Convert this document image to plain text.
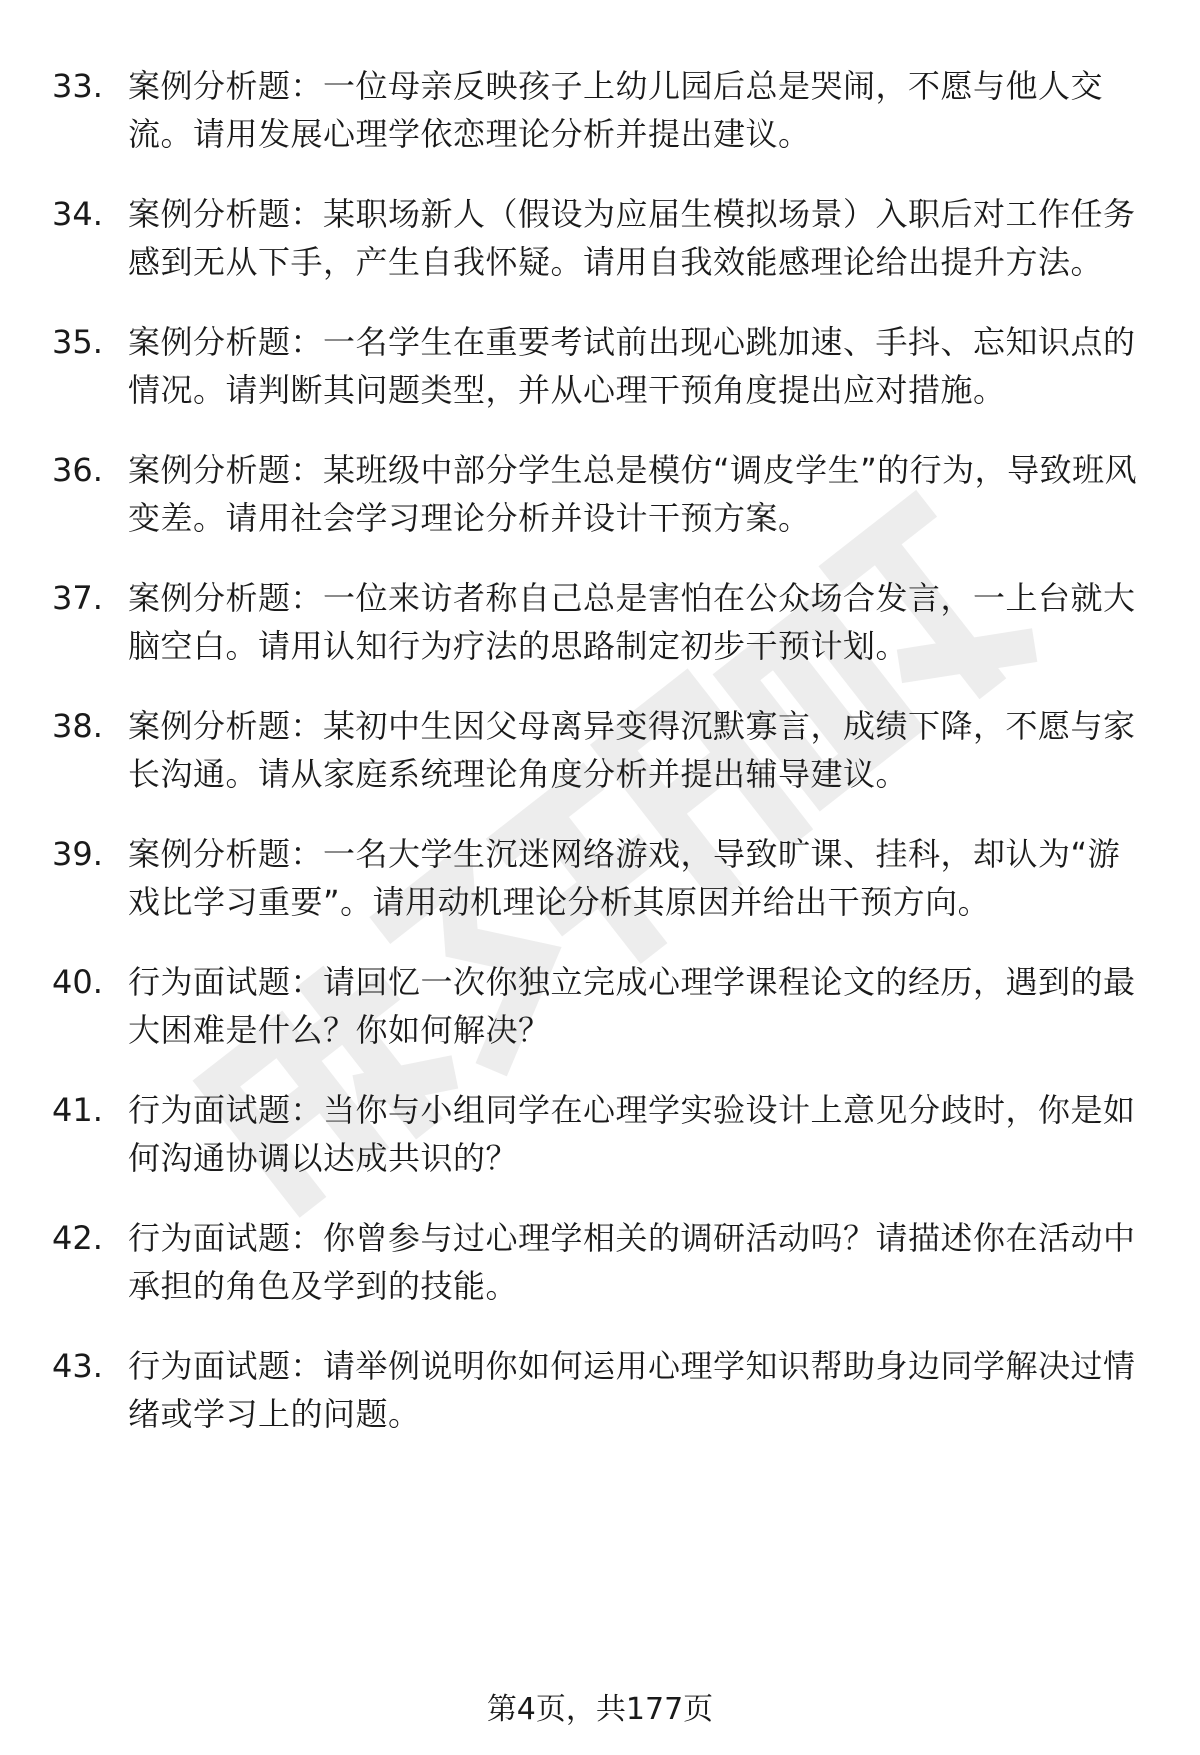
33. 案例分析题：一位母亲反映孩子上幼儿园后总是哭闹，不愿与他人交流。请用发展心理学依恋理论分析并提出建议。
34. 案例分析题：某职场新人（假设为应届生模拟场景）入职后对工作任务感到无从下手，产生自我怀疑。请用自我效能感理论给出提升方法。
35. 案例分析题：一名学生在重要考试前出现心跳加速、手抖、忘知识点的情况。请判断其问题类型，并从心理干预角度提出应对措施。
36. 案例分析题：某班级中部分学生总是模仿“调皮学生”的行为，导致班风变差。请用社会学习理论分析并设计干预方案。
37. 案例分析题：一位来访者称自己总是害怕在公众场合发言，一上台就大脑空白。请用认知行为疗法的思路制定初步干预计划。
38. 案例分析题：某初中生因父母离异变得沉默寡言，成绩下降，不愿与家长沟通。请从家庭系统理论角度分析并提出辅导建议。
39. 案例分析题：一名大学生沉迷网络游戏，导致旷课、挂科，却认为“游戏比学习重要”。请用动机理论分析其原因并给出干预方向。
40. 行为面试题：请回忆一次你独立完成心理学课程论文的经历，遇到的最大困难是什么？你如何解决？
41. 行为面试题：当你与小组同学在心理学实验设计上意见分歧时，你是如何沟通协调以达成共识的？
42. 行为面试题：你曾参与过心理学相关的调研活动吗？请描述你在活动中承担的角色及学到的技能。
43. 行为面试题：请举例说明你如何运用心理学知识帮助身边同学解决过情绪或学习上的问题。
第4页，共177页
